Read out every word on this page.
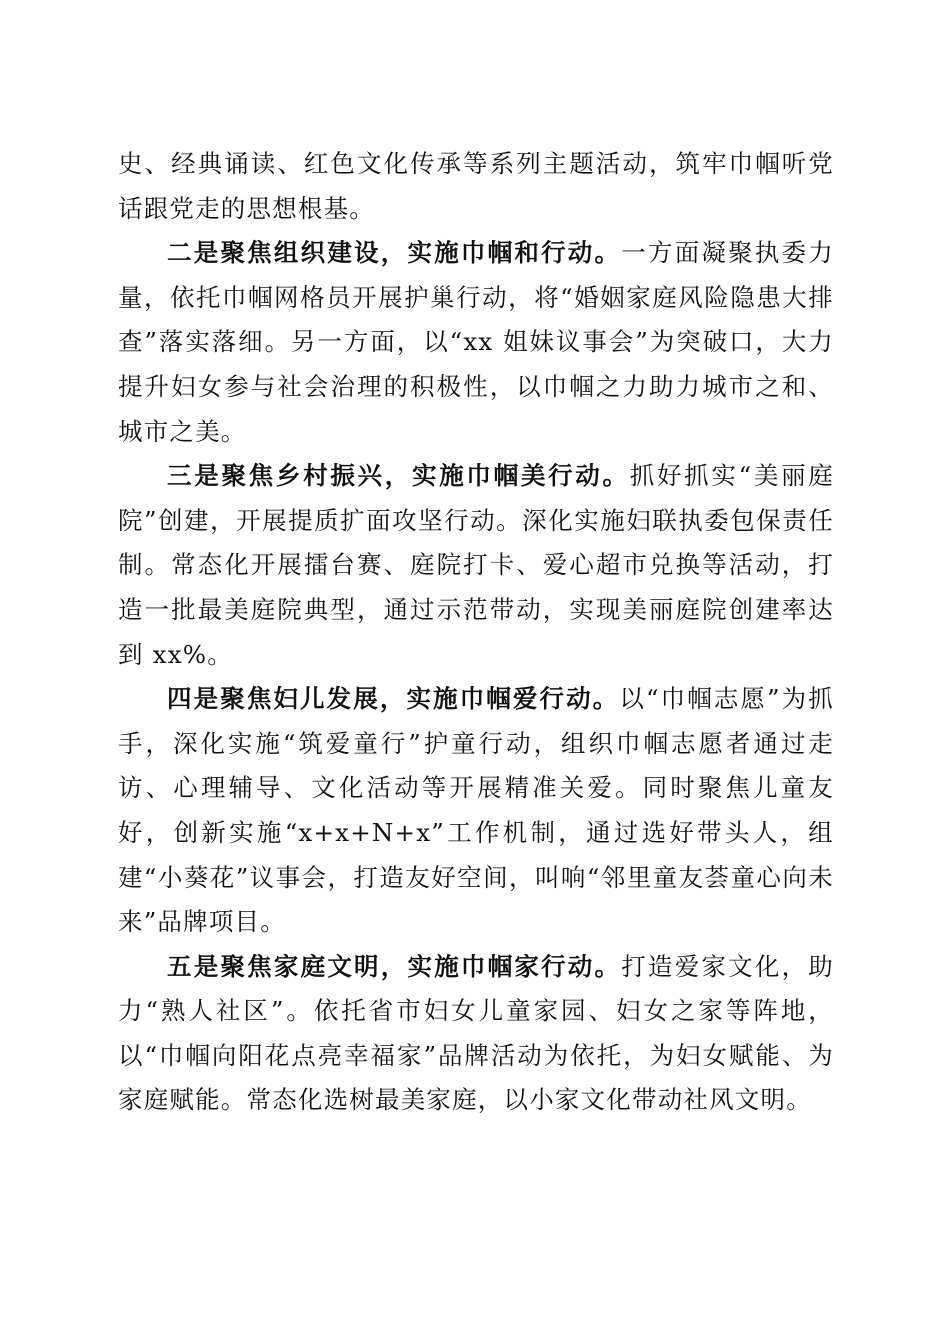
史、经典诵读、红色文化传承等系列主题活动，筑牢巾帼听党话跟党走的思想根基。

二是聚焦组织建设，实施巾帼和行动。一方面凝聚执委力量，依托巾帼网格员开展护巢行动，将“婚姻家庭风险隐患大排查”落实落细。另一方面，以“xx 姐妹议事会”为突破口，大力提升妇女参与社会治理的积极性，以巾帼之力助力城市之和、城市之美。

三是聚焦乡村振兴，实施巾帼美行动。抓好抓实“美丽庭院”创建，开展提质扩面攻坚行动。深化实施妇联执委包保责任制。常态化开展擂台赛、庭院打卡、爱心超市兑换等活动，打造一批最美庭院典型，通过示范带动，实现美丽庭院创建率达到 xx%。

四是聚焦妇儿发展，实施巾帼爱行动。以“巾帼志愿”为抓手，深化实施“筑爱童行”护童行动，组织巾帼志愿者通过走访、心理辅导、文化活动等开展精准关爱。同时聚焦儿童友好，创新实施“x+x+N+x”工作机制，通过选好带头人，组建“小葵花”议事会，打造友好空间，叫响“邻里童友荟童心向未来”品牌项目。

五是聚焦家庭文明，实施巾帼家行动。打造爱家文化，助力“熟人社区”。依托省市妇女儿童家园、妇女之家等阵地，以“巾帼向阳花点亮幸福家”品牌活动为依托，为妇女赋能、为家庭赋能。常态化选树最美家庭，以小家文化带动社风文明。
